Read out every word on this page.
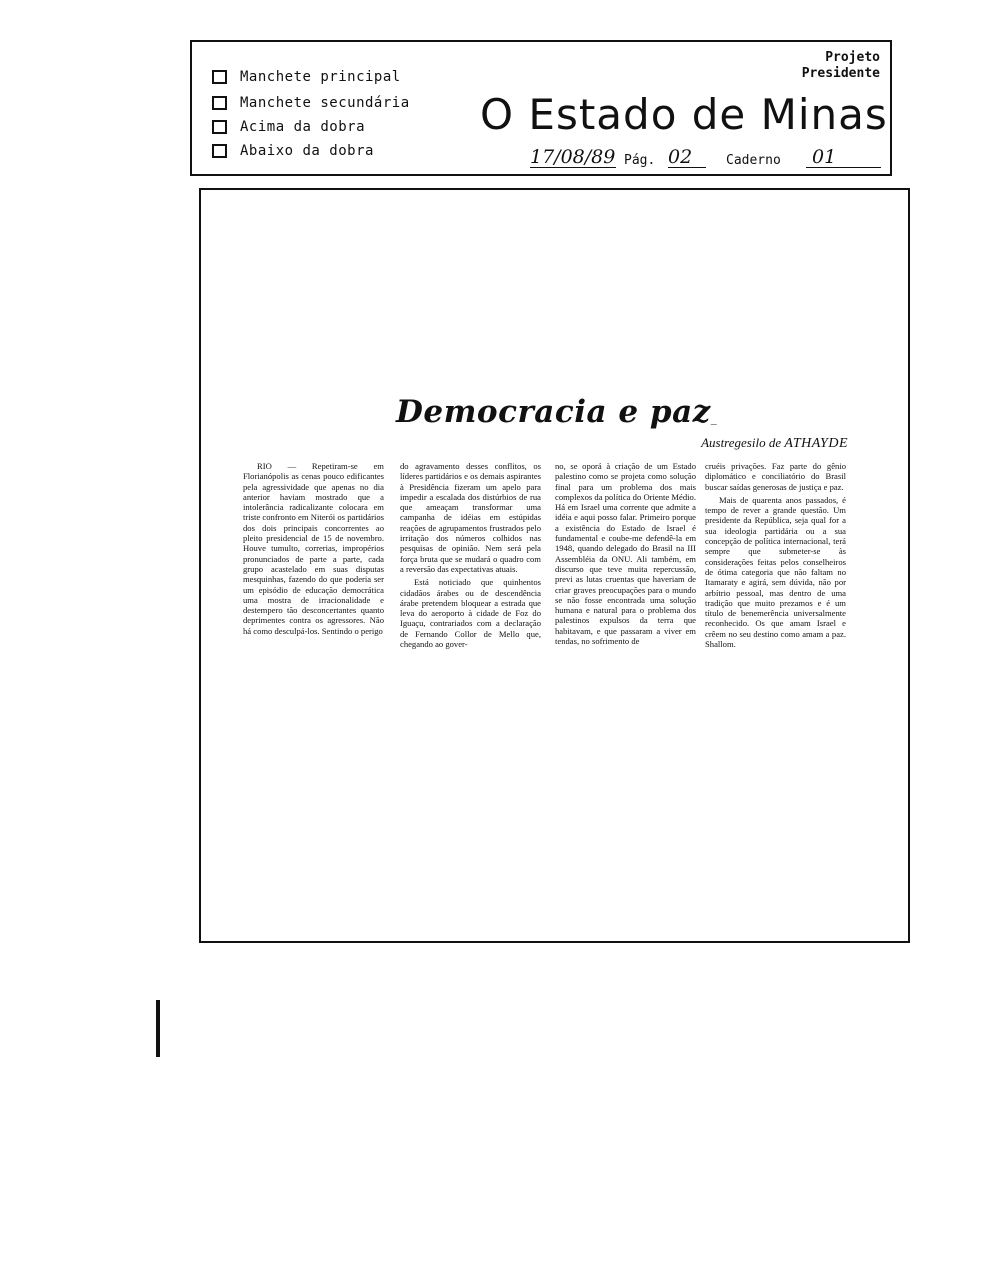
Manchete principal
Manchete secundária
Acima da dobra
Abaixo da dobra
Projeto
Presidente
O Estado de Minas
17/08/89 Pág. 02	Caderno	01
Democracia e paz_
Austregesilo de ATHAYDE

RIO — Repetiram-se em Florianópolis as cenas pouco edificantes pela agressividade que apenas no dia anterior haviam mostrado que a intolerância radicalizante colocara em triste confronto em Niterói os partidários dos dois principais concorrentes ao pleito presidencial de 15 de novembro. Houve tumulto, correrias, impropérios pronunciados de parte a parte, cada grupo acastelado em suas disputas mesquinhas, fazendo do que poderia ser um episódio de educação democrática uma mostra de irracionalidade e destempero tão desconcertantes quanto deprimentes contra os agressores. Não há como desculpá-los. Sentindo o perigo

do agravamento desses conflitos, os líderes partidários e os demais aspirantes à Presidência fizeram um apelo para impedir a escalada dos distúrbios de rua que ameaçam transformar uma campanha de idéias em estúpidas reações de agrupamentos frustrados pelo irritação dos números colhidos nas pesquisas de opinião. Nem será pela força bruta que se mudará o quadro com a reversão das expectativas atuais.

Está noticiado que quinhentos cidadãos árabes ou de descendência árabe pretendem bloquear a estrada que leva do aeroporto à cidade de Foz do Iguaçu, contrariados com a declaração de Fernando Collor de Mello que, chegando ao gover-

no, se oporá à criação de um Estado palestino como se projeta como solução final para um problema dos mais complexos da política do Oriente Médio. Há em Israel uma corrente que admite a idéia e aqui posso falar. Primeiro porque a existência do Estado de Israel é fundamental e coube-me defendê-la em 1948, quando delegado do Brasil na III Assembléia da ONU. Ali também, em discurso que teve muita repercussão, previ as lutas cruentas que haveriam de criar graves preocupações para o mundo se não fosse encontrada uma solução humana e natural para o problema dos palestinos expulsos da terra que habitavam, e que passaram a viver em tendas, no sofrimento de

cruéis privações. Faz parte do gênio diplomático e conciliatório do Brasil buscar saídas generosas de justiça e paz.

Mais de quarenta anos passados, é tempo de rever a grande questão. Um presidente da República, seja qual for a sua ideologia partidária ou a sua concepção de política internacional, terá sempre que submeter-se às considerações feitas pelos conselheiros de ótima categoria que não faltam no Itamaraty e agirá, sem dúvida, não por arbítrio pessoal, mas dentro de uma tradição que muito prezamos e é um título de benemerência universalmente reconhecido. Os que amam Israel e crêem no seu destino como amam a paz. Shallom.
